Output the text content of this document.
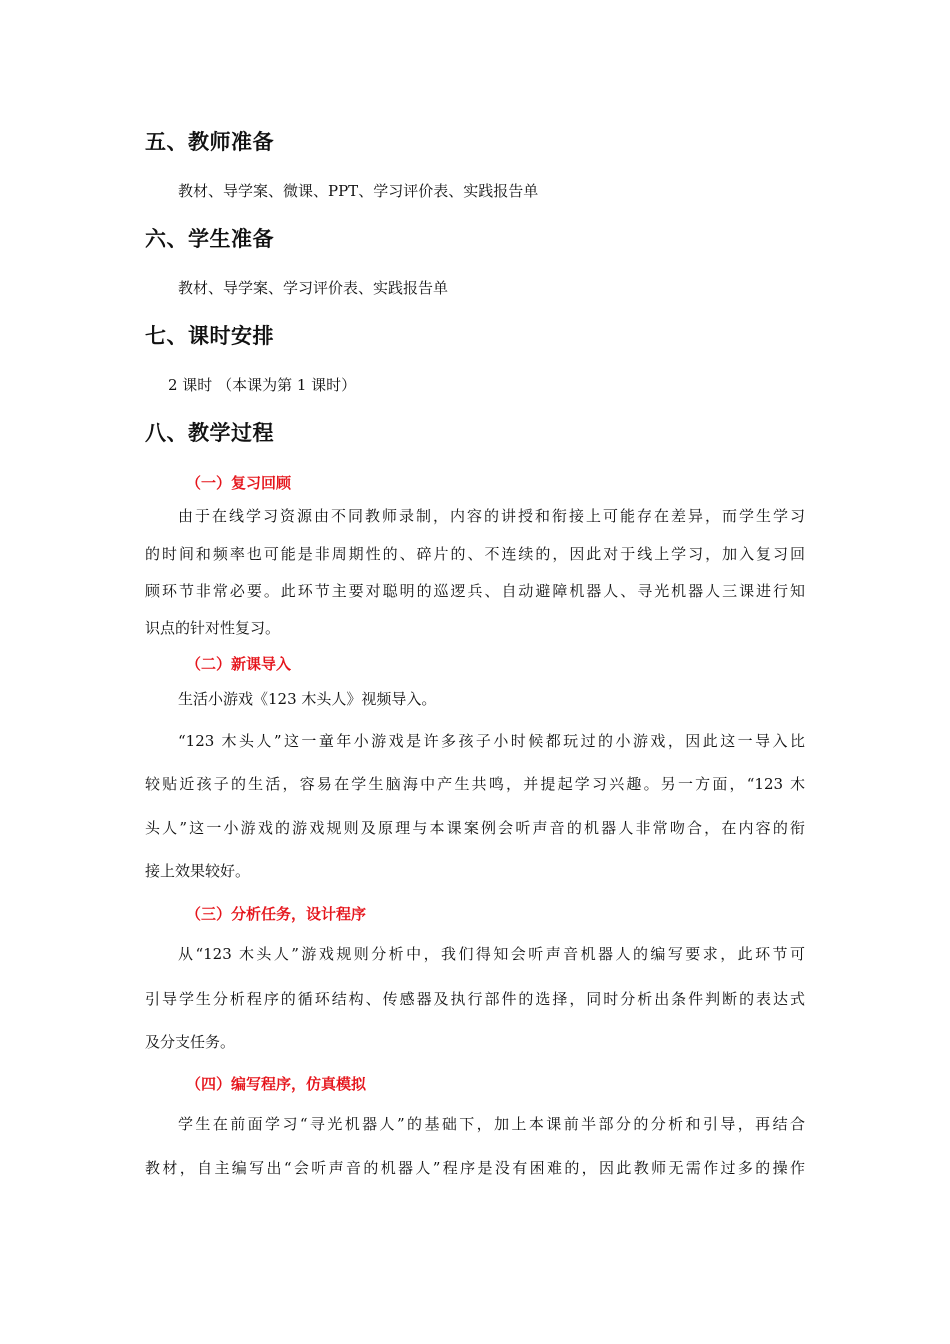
五、教师准备
教材、导学案、微课、PPT、学习评价表、实践报告单
六、学生准备
教材、导学案、学习评价表、实践报告单
七、课时安排
2 课时 （本课为第 1 课时）
八、教学过程
（一）复习回顾
由于在线学习资源由不同教师录制，内容的讲授和衔接上可能存在差异，而学生学习
的时间和频率也可能是非周期性的、碎片的、不连续的，因此对于线上学习，加入复习回
顾环节非常必要。此环节主要对聪明的巡逻兵、自动避障机器人、寻光机器人三课进行知
识点的针对性复习。
（二）新课导入
生活小游戏《123 木头人》视频导入。
“123 木头人”这一童年小游戏是许多孩子小时候都玩过的小游戏，因此这一导入比
较贴近孩子的生活，容易在学生脑海中产生共鸣，并提起学习兴趣。另一方面，“123 木
头人”这一小游戏的游戏规则及原理与本课案例会听声音的机器人非常吻合，在内容的衔
接上效果较好。
（三）分析任务，设计程序
从“123 木头人”游戏规则分析中，我们得知会听声音机器人的编写要求，此环节可
引导学生分析程序的循环结构、传感器及执行部件的选择，同时分析出条件判断的表达式
及分支任务。
（四）编写程序，仿真模拟
学生在前面学习“寻光机器人”的基础下，加上本课前半部分的分析和引导，再结合
教材，自主编写出“会听声音的机器人”程序是没有困难的，因此教师无需作过多的操作
